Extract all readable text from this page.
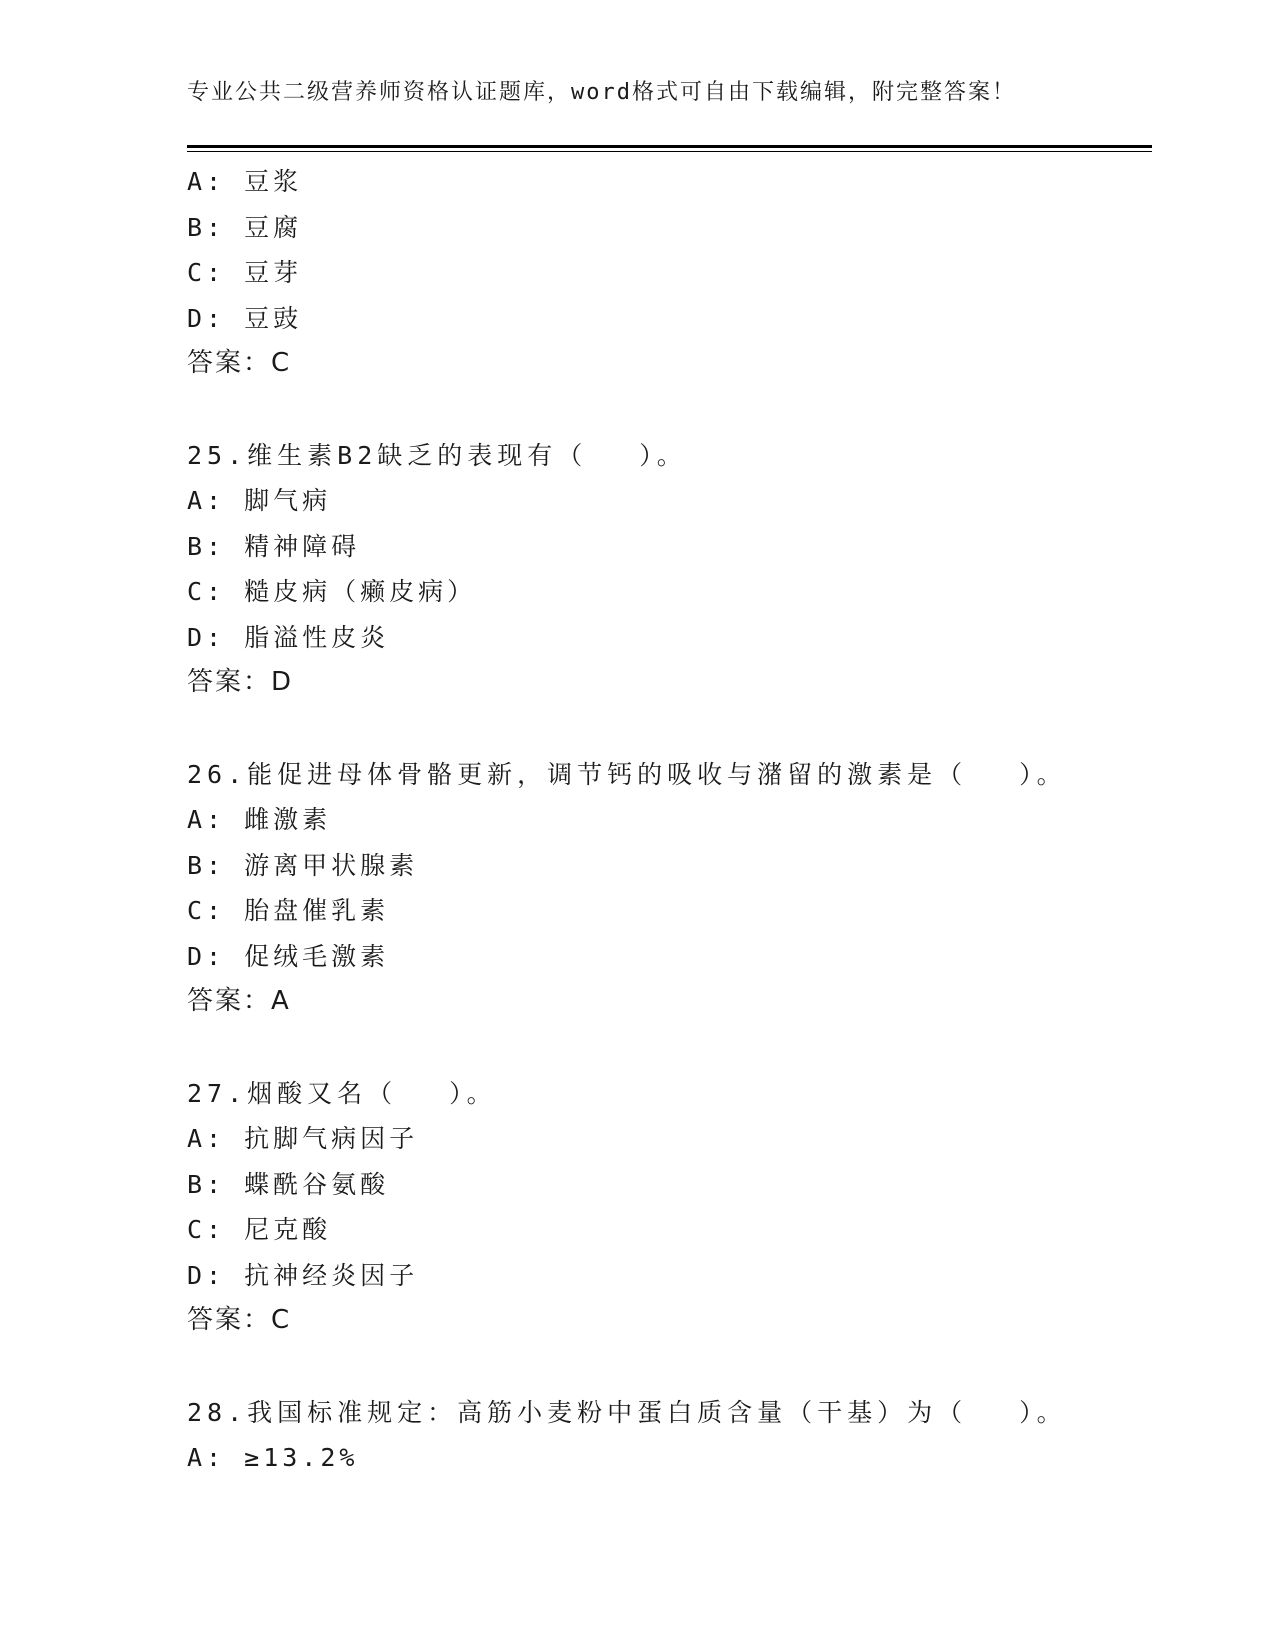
专业公共二级营养师资格认证题库，word格式可自由下载编辑，附完整答案！
A: 豆浆
B: 豆腐
C: 豆芽
D: 豆豉
答案：C
25.维生素B2缺乏的表现有（ ）。
A: 脚气病
B: 精神障碍
C: 糙皮病（癞皮病）
D: 脂溢性皮炎
答案：D
26.能促进母体骨骼更新，调节钙的吸收与潴留的激素是（ ）。
A: 雌激素
B: 游离甲状腺素
C: 胎盘催乳素
D: 促绒毛激素
答案：A
27.烟酸又名（ ）。
A: 抗脚气病因子
B: 蝶酰谷氨酸
C: 尼克酸
D: 抗神经炎因子
答案：C
28.我国标准规定：高筋小麦粉中蛋白质含量（干基）为（ ）。
A: ≥13.2%
